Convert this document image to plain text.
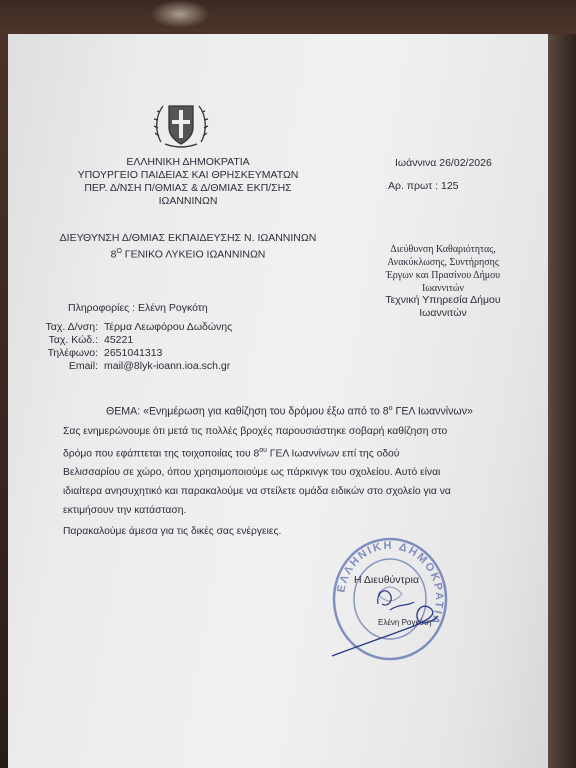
ΕΛΛΗΝΙΚΗ ΔΗΜΟΚΡΑΤΙΑ
ΥΠΟΥΡΓΕΙΟ ΠΑΙΔΕΙΑΣ ΚΑΙ ΘΡΗΣΚΕΥΜΑΤΩΝ
ΠΕΡ. Δ/ΝΣΗ Π/ΘΜΙΑΣ & Δ/ΘΜΙΑΣ ΕΚΠ/ΣΗΣ
ΙΩΑΝΝΙΝΩΝ
Ιωάννινα 26/02/2026
Αρ. πρωτ : 125
ΔΙΕΥΘΥΝΣΗ Δ/ΘΜΙΑΣ ΕΚΠΑΙΔΕΥΣΗΣ Ν. ΙΩΑΝΝΙΝΩΝ
$8^O$ ΓΕΝΙΚΟ ΛΥΚΕΙΟ ΙΩΑΝΝΙΝΩΝ	Διεύθυνση Καθαριότητας,
Ανακύκλωσης, Συντήρησης
Έργων και Πρασίνου Δήμου
Ιωαννιτών
Τεχνική Υπηρεσία Δήμου
Ιωαννιτών
Πληροφορίες : Ελένη Ρογκότη
Ταχ. Δ/νση: Τέρμα Λεωφόρου Δωδώνης
Ταχ. Κώδ.: 45221
Τηλέφωνο: 2651041313
Email: mail@8lyk-ioann.ioa.sch.gr
ΘΕΜΑ: «Ενημέρωση για καθίζηση του δρόμου έξω από το $8^o$ ΓΕΛ Ιωαννίνων»
Σας ενημερώνουμε ότι μετά τις πολλές βροχές παρουσιάστηκε σοβαρή καθίζηση στο
δρόμο που εφάπτεται της τοιχοποιίας του $8^{o\upsilon}$ ΓΕΛ Ιωαννίνων επί της οδού
Βελισσαρίου σε χώρο, όπου χρησιμοποιούμε ως πάρκινγκ του σχολείου. Αυτό είναι
ιδιαίτερα ανησυχητικό και παρακαλούμε να στείλετε ομάδα ειδικών στο σχολείο για να
εκτιμήσουν την κατάσταση.
Παρακαλούμε άμεσα για τις δικές σας ενέργειες.
ΕΛΛΗΝΙΚΗ ΔΗΜΟΚΡΑΤΙΑ
Η Διευθύντρια
Ελένη Ρογκότη
